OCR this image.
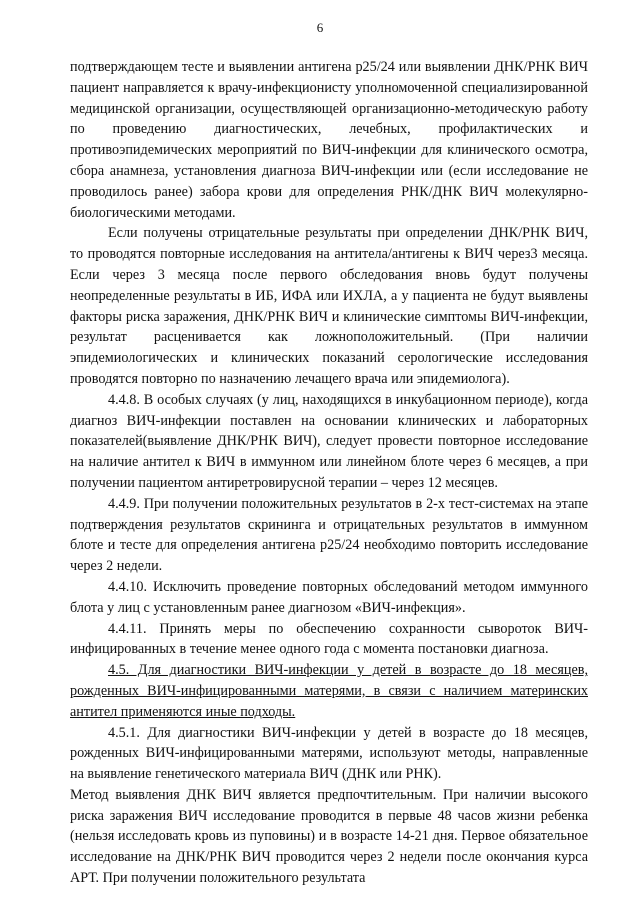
6

подтверждающем тесте и выявлении антигена р25/24 или выявлении ДНК/РНК ВИЧ пациент направляется к врачу-инфекционисту уполномоченной специализированной медицинской организации, осуществляющей организационно-методическую работу по проведению диагностических, лечебных, профилактических и противоэпидемических мероприятий по ВИЧ-инфекции для клинического осмотра, сбора анамнеза, установления диагноза ВИЧ-инфекции или (если исследование не проводилось ранее) забора крови для определения РНК/ДНК ВИЧ молекулярно-биологическими методами.

Если получены отрицательные результаты при определении ДНК/РНК ВИЧ, то проводятся повторные исследования на антитела/антигены к ВИЧ через3 месяца. Если через 3 месяца после первого обследования вновь будут получены неопределенные результаты в ИБ, ИФА или ИХЛА, а у пациента не будут выявлены факторы риска заражения, ДНК/РНК ВИЧ и клинические симптомы ВИЧ-инфекции, результат расценивается как ложноположительный. (При наличии эпидемиологических и клинических показаний серологические исследования проводятся повторно по назначению лечащего врача или эпидемиолога).

4.4.8. В особых случаях (у лиц, находящихся в инкубационном периоде), когда диагноз ВИЧ-инфекции поставлен на основании клинических и лабораторных показателей(выявление ДНК/РНК ВИЧ), следует провести повторное исследование на наличие антител к ВИЧ в иммунном или линейном блоте через 6 месяцев, а при получении пациентом антиретровирусной терапии – через 12 месяцев.

4.4.9. При получении положительных результатов в 2-х тест-системах на этапе подтверждения результатов скрининга и отрицательных результатов в иммунном блоте и тесте для определения антигена р25/24 необходимо повторить исследование через 2 недели.

4.4.10. Исключить проведение повторных обследований методом иммунного блота у лиц с установленным ранее диагнозом «ВИЧ-инфекция».

4.4.11. Принять меры по обеспечению сохранности сывороток ВИЧ-инфицированных в течение менее одного года с момента постановки диагноза.

4.5. Для диагностики ВИЧ-инфекции у детей в возрасте до 18 месяцев, рожденных ВИЧ-инфицированными матерями, в связи с наличием материнских антител применяются иные подходы.

4.5.1. Для диагностики ВИЧ-инфекции у детей в возрасте до 18 месяцев, рожденных ВИЧ-инфицированными матерями, используют методы, направленные на выявление генетического материала ВИЧ (ДНК или РНК).

Метод выявления ДНК ВИЧ является предпочтительным. При наличии высокого риска заражения ВИЧ исследование проводится в первые 48 часов жизни ребенка (нельзя исследовать кровь из пуповины) и в возрасте 14-21 дня. Первое обязательное исследование на ДНК/РНК ВИЧ проводится через 2 недели после окончания курса АРТ. При получении положительного результата
